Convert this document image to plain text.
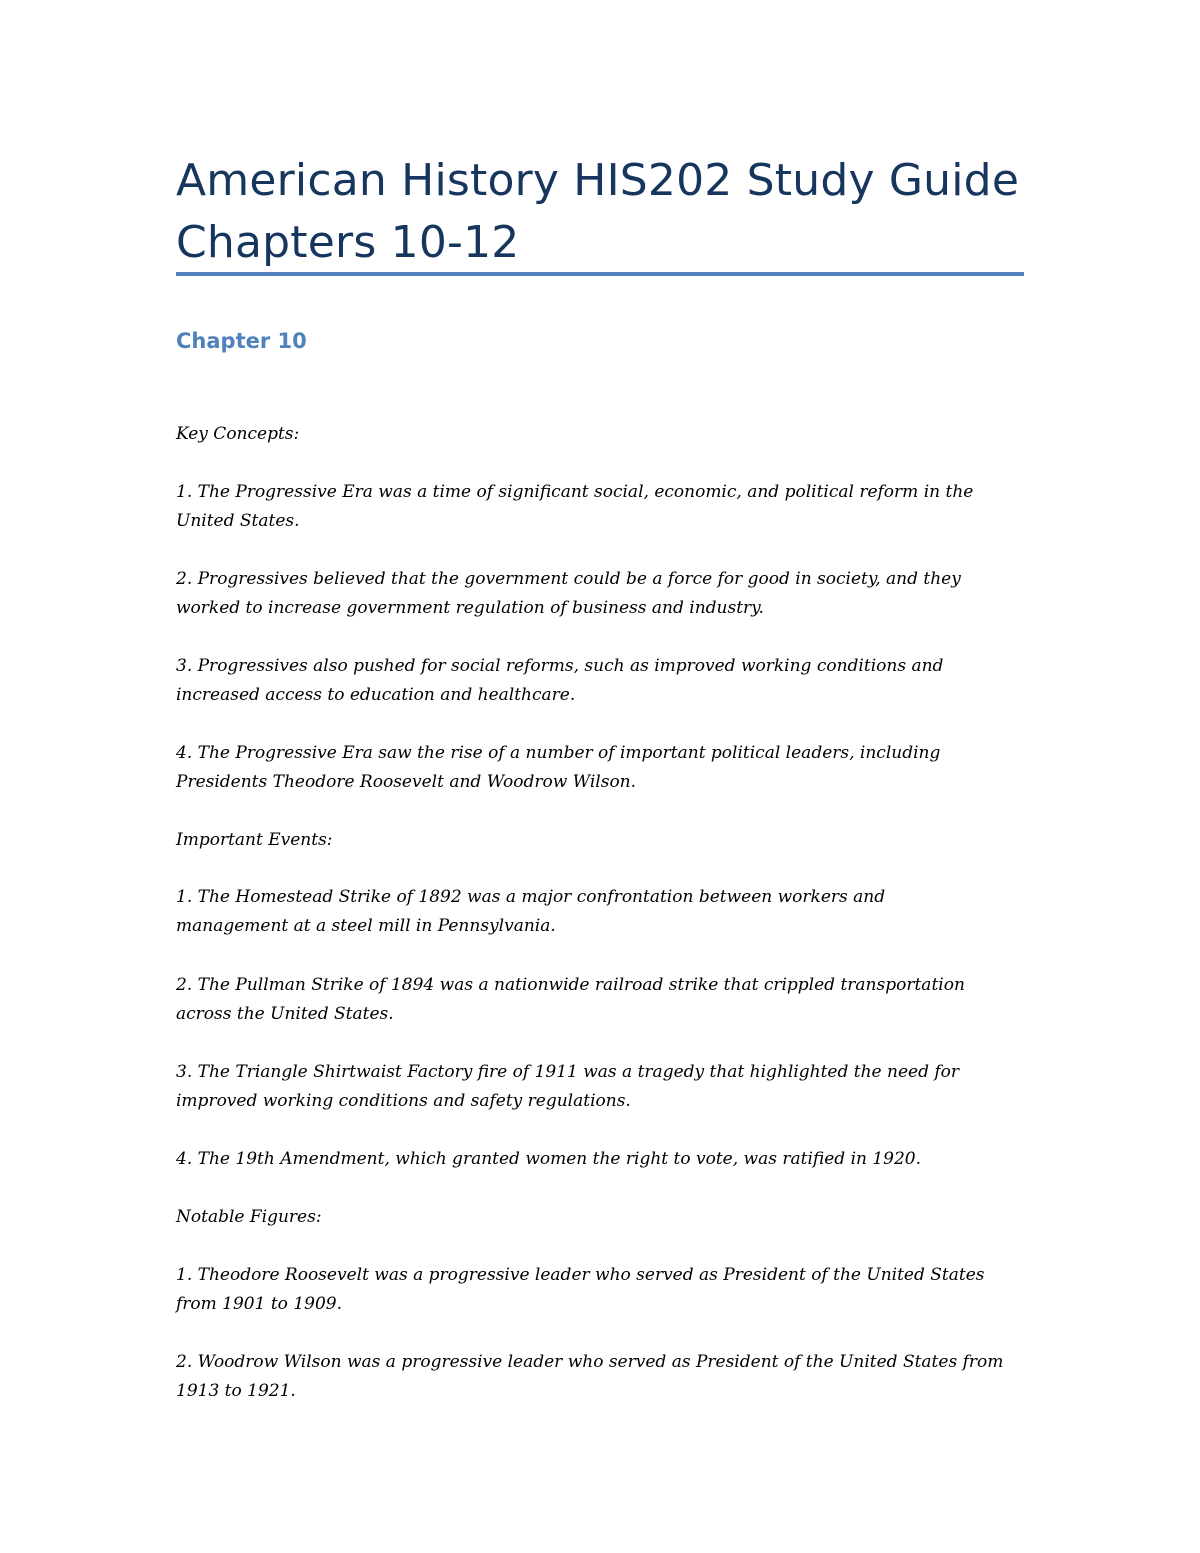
American History HIS202 Study Guide
Chapters 10-12
Chapter 10
Key Concepts:
1. The Progressive Era was a time of significant social, economic, and political reform in the
United States.
2. Progressives believed that the government could be a force for good in society, and they
worked to increase government regulation of business and industry.
3. Progressives also pushed for social reforms, such as improved working conditions and
increased access to education and healthcare.
4. The Progressive Era saw the rise of a number of important political leaders, including
Presidents Theodore Roosevelt and Woodrow Wilson.
Important Events:
1. The Homestead Strike of 1892 was a major confrontation between workers and
management at a steel mill in Pennsylvania.
2. The Pullman Strike of 1894 was a nationwide railroad strike that crippled transportation
across the United States.
3. The Triangle Shirtwaist Factory fire of 1911 was a tragedy that highlighted the need for
improved working conditions and safety regulations.
4. The 19th Amendment, which granted women the right to vote, was ratified in 1920.
Notable Figures:
1. Theodore Roosevelt was a progressive leader who served as President of the United States
from 1901 to 1909.
2. Woodrow Wilson was a progressive leader who served as President of the United States from
1913 to 1921.
